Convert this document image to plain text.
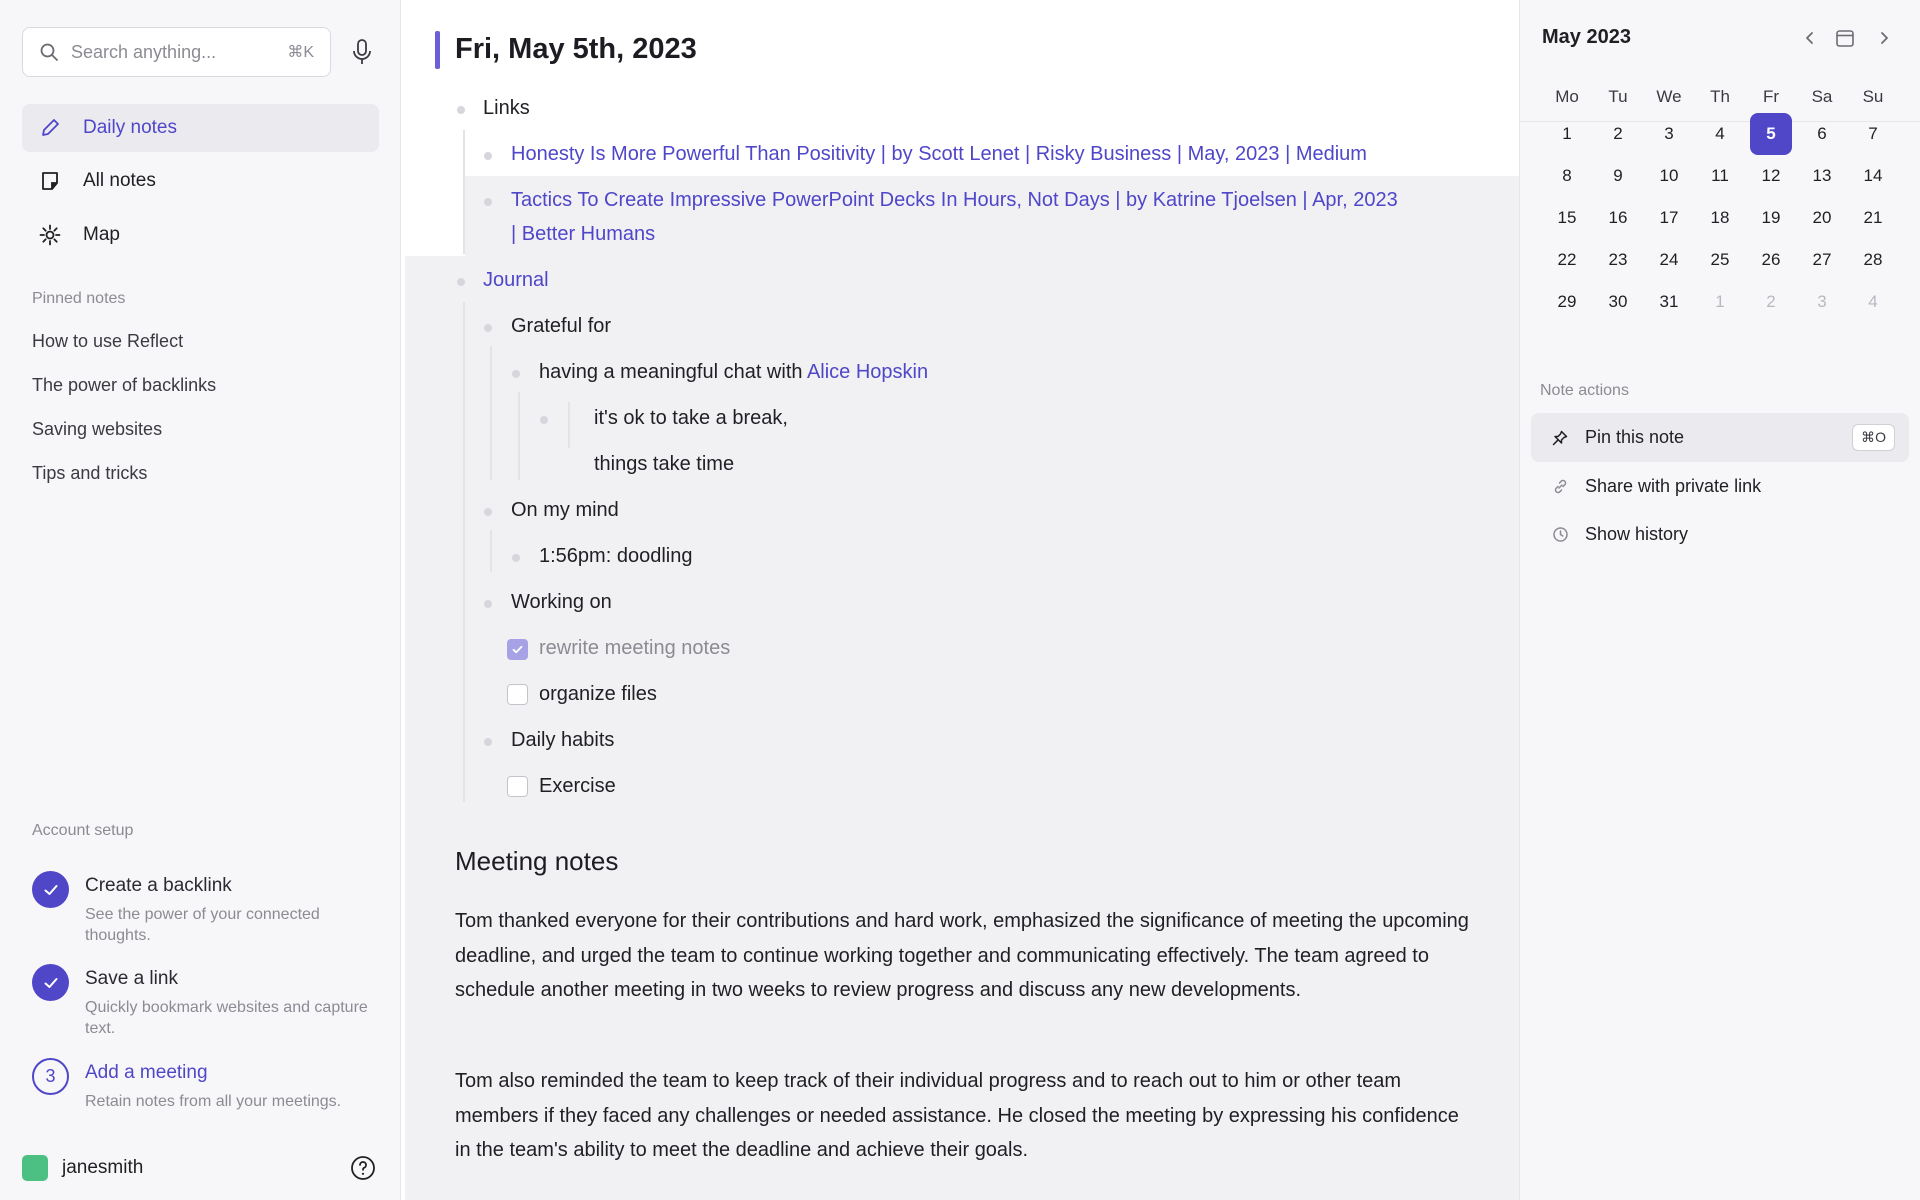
Search anything...	⌘K
Daily notes
All notes
Map
Pinned notes
How to use Reflect
The power of backlinks
Saving websites
Tips and tricks
Account setup
Create a backlink
See the power of your connected thoughts.
Save a link
Quickly bookmark websites and capture text.
3	Add a meeting
Retain notes from all your meetings.
janesmith
Fri, May 5th, 2023
Links
Honesty Is More Powerful Than Positivity | by Scott Lenet | Risky Business | May, 2023 | Medium
Tactics To Create Impressive PowerPoint Decks In Hours, Not Days | by Katrine Tjoelsen | Apr, 2023
| Better Humans
Journal
Grateful for
having a meaningful chat with Alice Hopskin
it's ok to take a break,
things take time
On my mind
1:56pm: doodling
Working on
rewrite meeting notes
organize files
Daily habits
Exercise
Meeting notes
Tom thanked everyone for their contributions and hard work, emphasized the significance of meeting the upcoming deadline, and urged the team to continue working together and communicating effectively. The team agreed to schedule another meeting in two weeks to review progress and discuss any new developments.
Tom also reminded the team to keep track of their individual progress and to reach out to him or other team members if they faced any challenges or needed assistance. He closed the meeting by expressing his confidence in the team's ability to meet the deadline and achieve their goals.
May 2023
Note actions
Pin this note	⌘O
Share with private link
Show history
Mo	Tu	We	Th	Fr	Sa	Su
1	2	3	4	5	6	7
8	9	10	11	12	13	14
15	16	17	18	19	20	21
22	23	24	25	26	27	28
29	30	31	1	2	3	4
